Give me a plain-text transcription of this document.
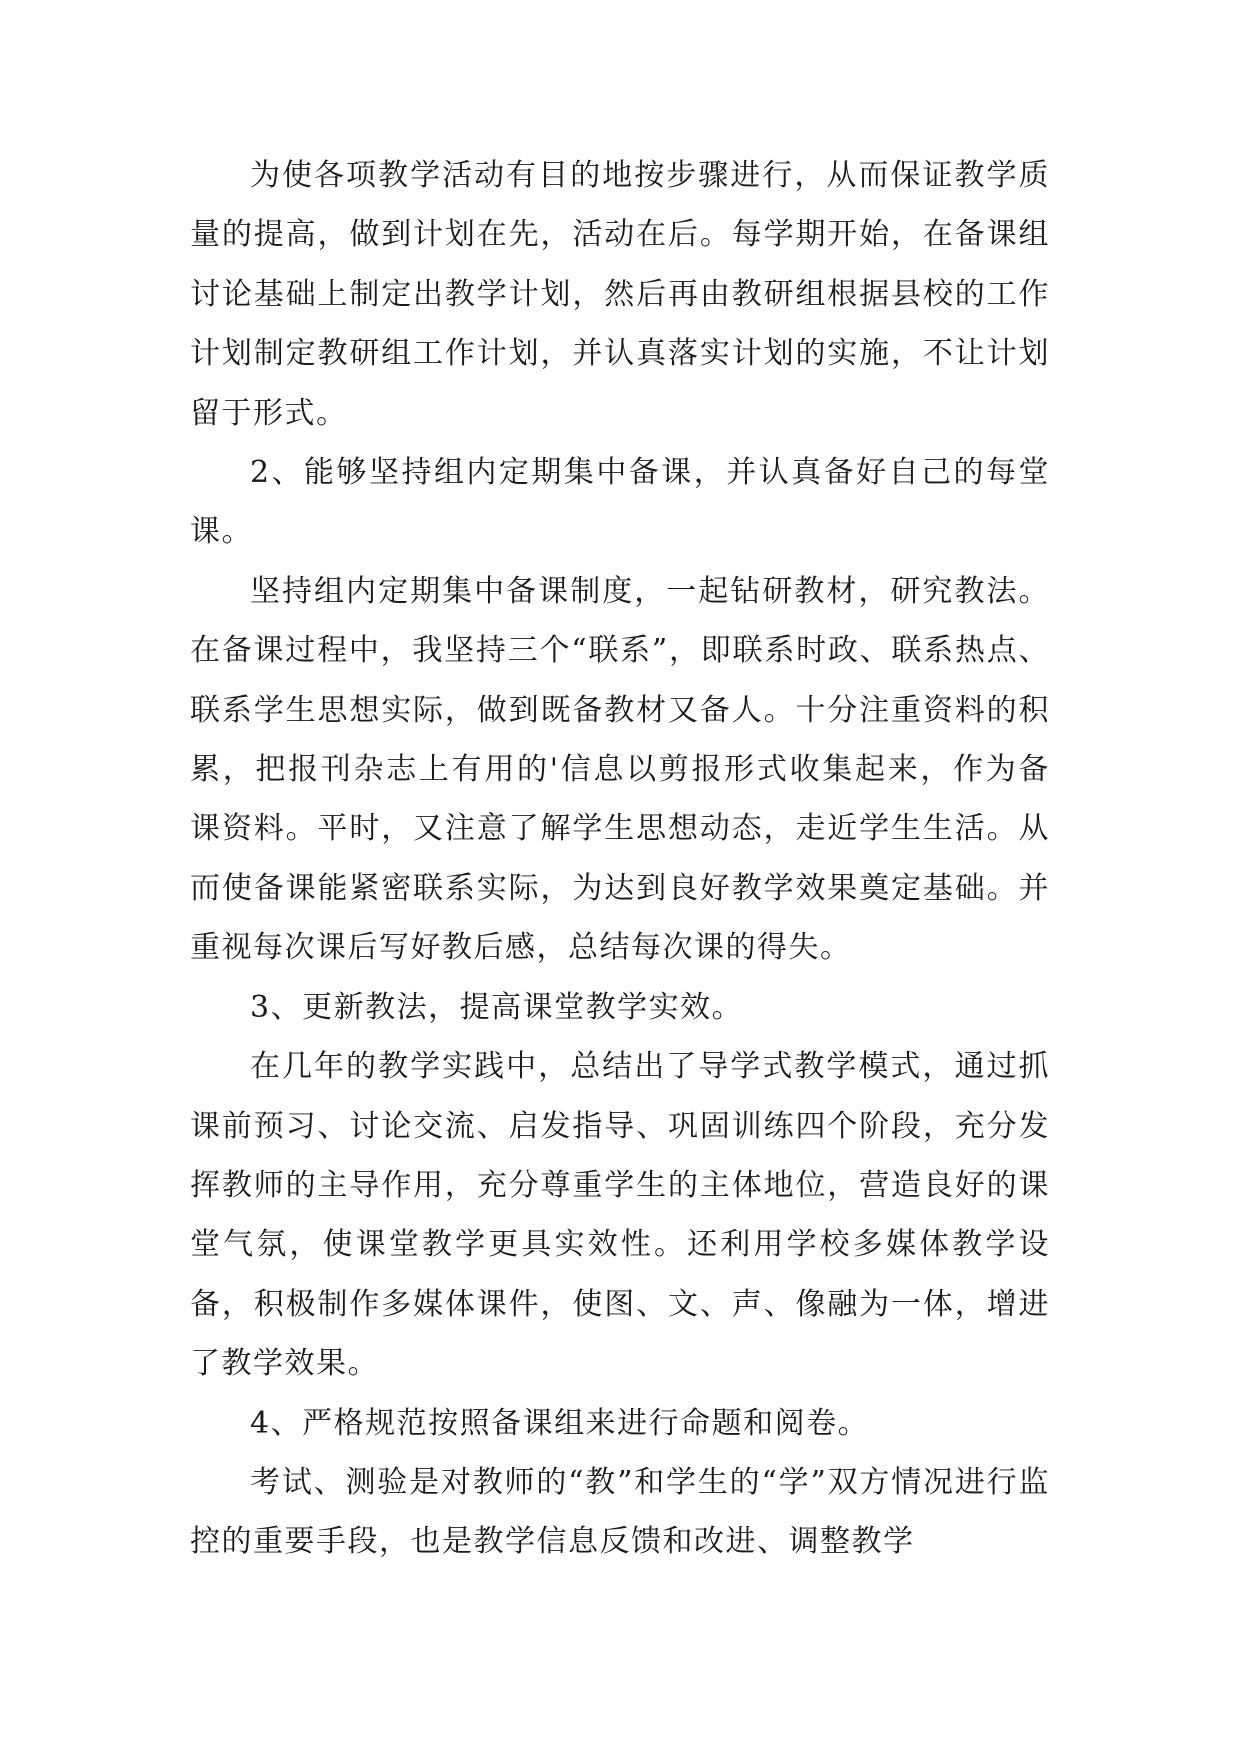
为使各项教学活动有目的地按步骤进行，从而保证教学质量的提高，做到计划在先，活动在后。每学期开始，在备课组讨论基础上制定出教学计划，然后再由教研组根据县校的工作计划制定教研组工作计划，并认真落实计划的实施，不让计划留于形式。

2、能够坚持组内定期集中备课，并认真备好自己的每堂课。

坚持组内定期集中备课制度，一起钻研教材，研究教法。在备课过程中，我坚持三个“联系”，即联系时政、联系热点、联系学生思想实际，做到既备教材又备人。十分注重资料的积累，把报刊杂志上有用的'信息以剪报形式收集起来，作为备课资料。平时，又注意了解学生思想动态，走近学生生活。从而使备课能紧密联系实际，为达到良好教学效果奠定基础。并重视每次课后写好教后感，总结每次课的得失。

3、更新教法，提高课堂教学实效。

在几年的教学实践中，总结出了导学式教学模式，通过抓课前预习、讨论交流、启发指导、巩固训练四个阶段，充分发挥教师的主导作用，充分尊重学生的主体地位，营造良好的课堂气氛，使课堂教学更具实效性。还利用学校多媒体教学设备，积极制作多媒体课件，使图、文、声、像融为一体，增进了教学效果。

4、严格规范按照备课组来进行命题和阅卷。

考试、测验是对教师的“教”和学生的“学”双方情况进行监控的重要手段，也是教学信息反馈和改进、调整教学
